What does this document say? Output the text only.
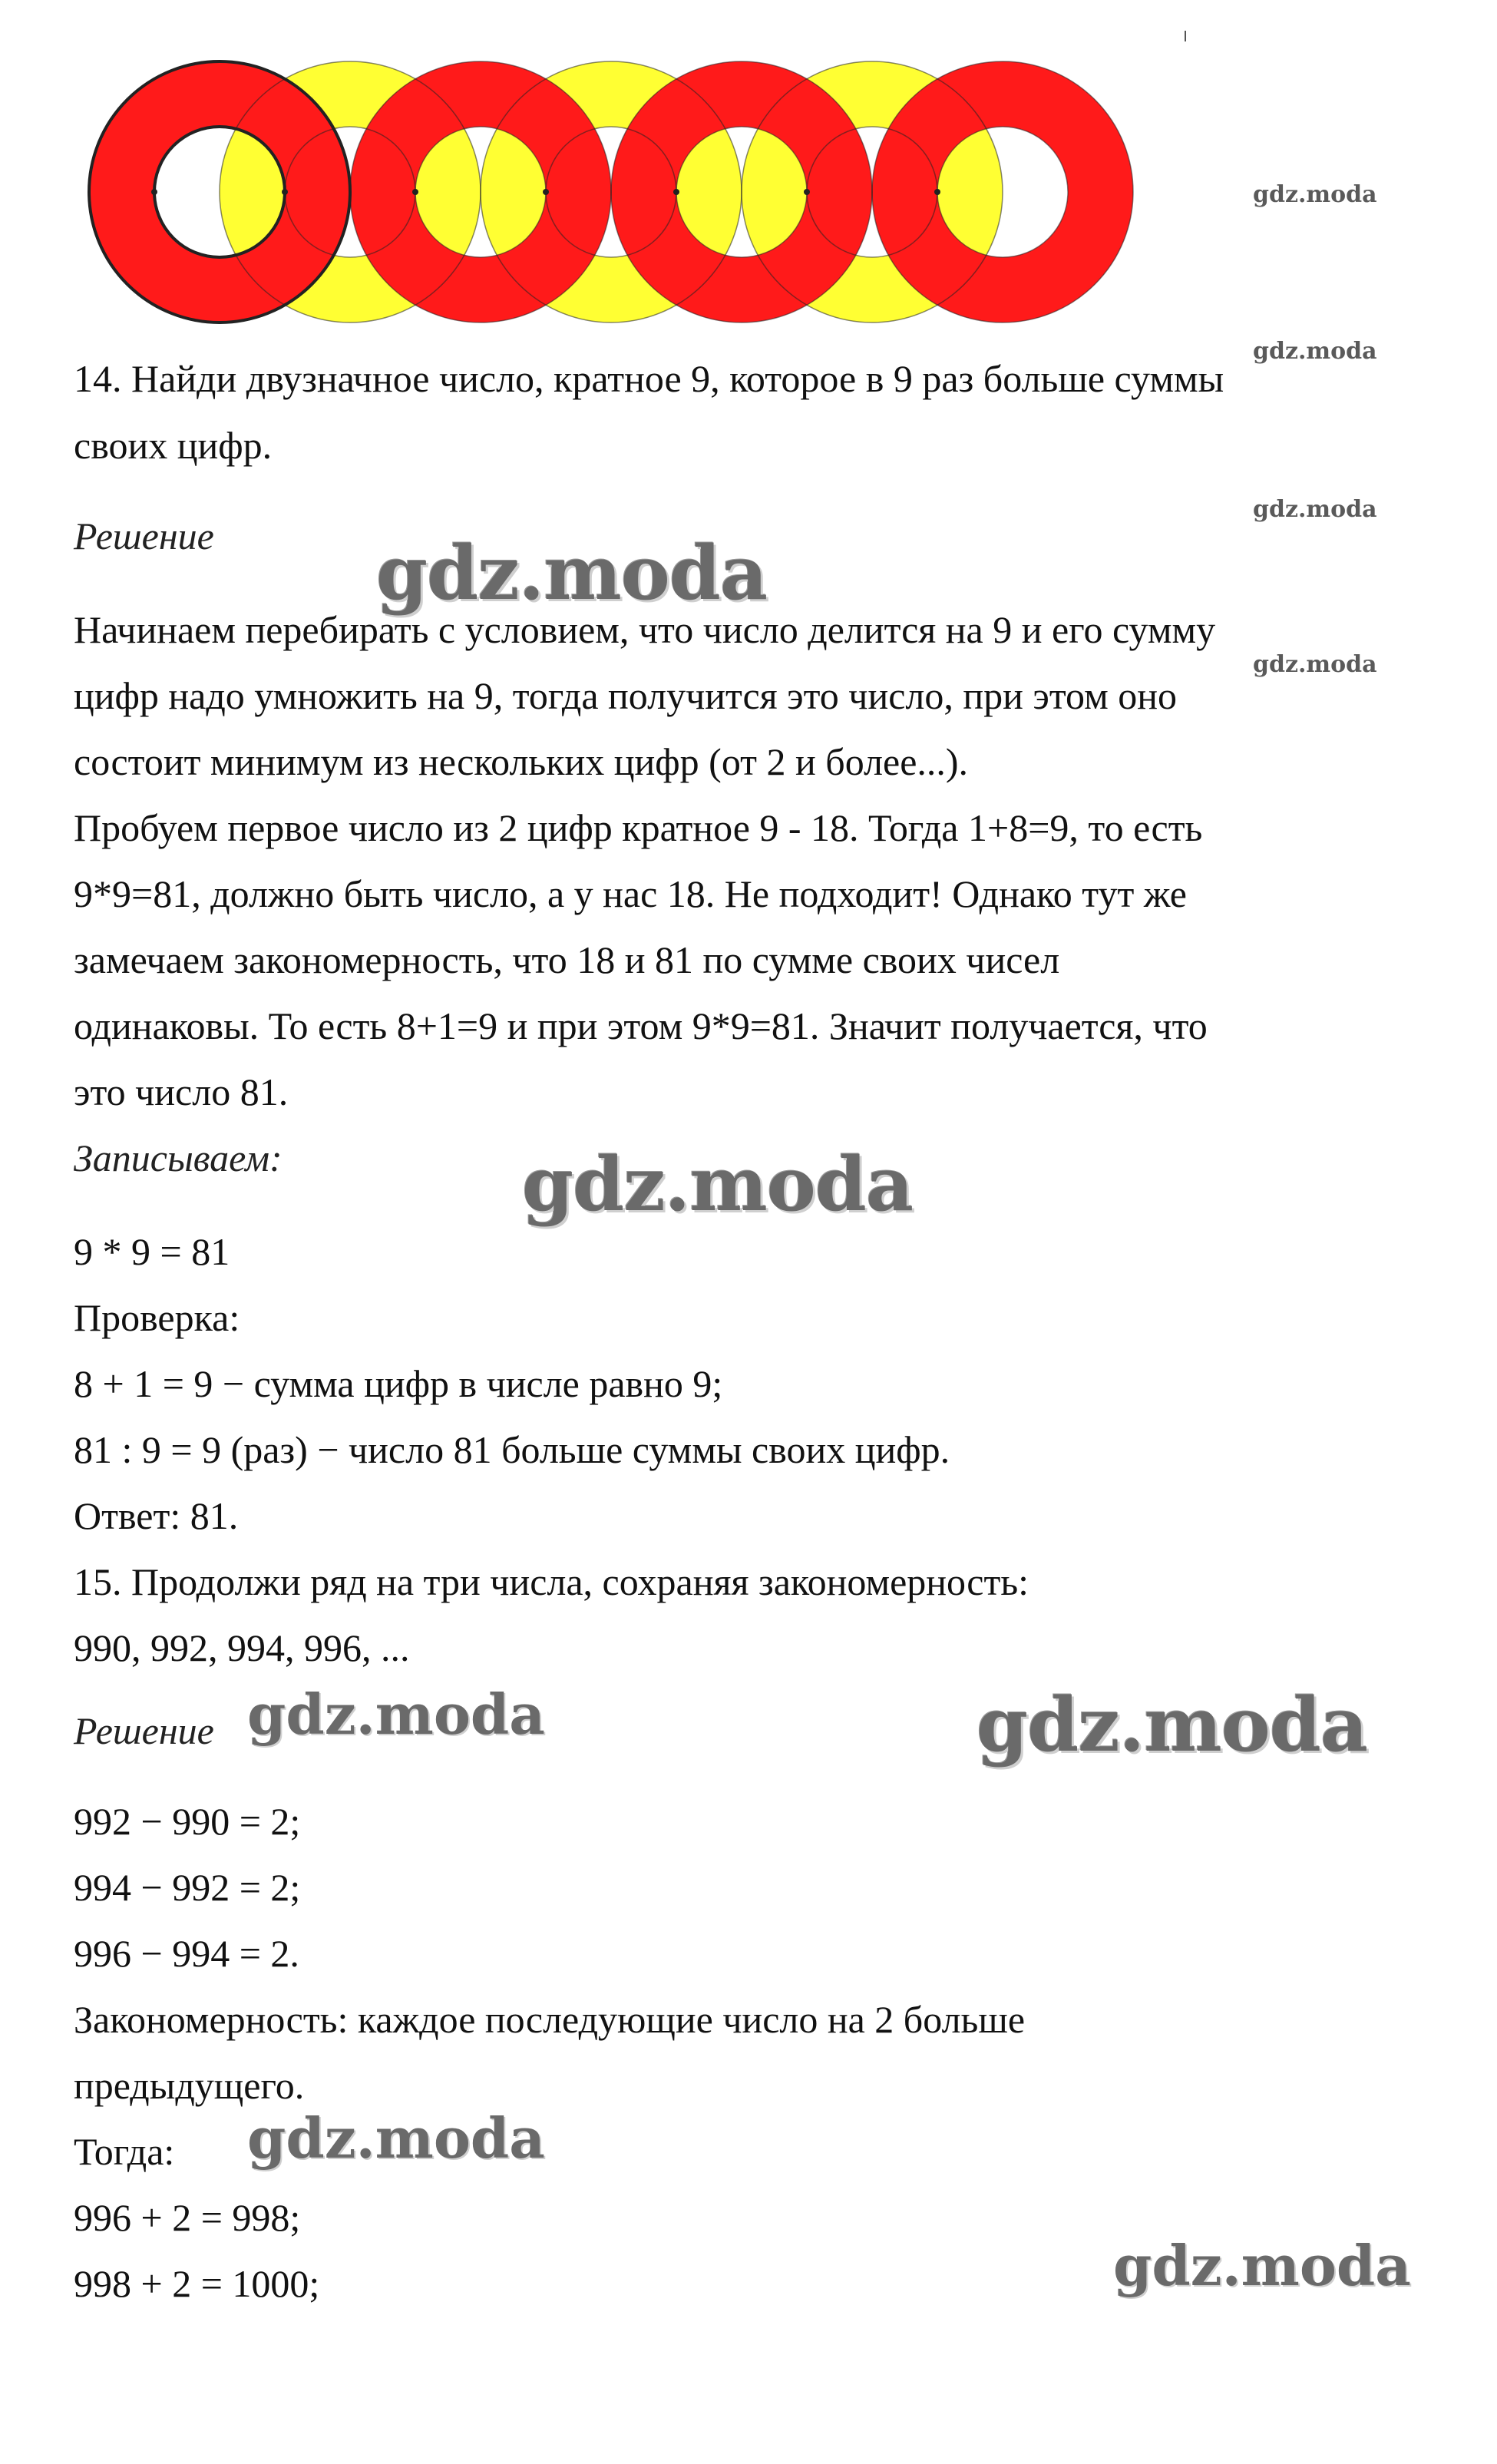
14. Найди двузначное число, кратное 9, которое в 9 раз больше суммы
своих цифр.
Решение
Начинаем перебирать с условием, что число делится на 9 и его сумму
цифр надо умножить на 9, тогда получится это число, при этом оно
состоит минимум из нескольких цифр (от 2 и более...).
Пробуем первое число из 2 цифр кратное 9 - 18. Тогда 1+8=9, то есть
9*9=81, должно быть число, а у нас 18. Не подходит! Однако тут же
замечаем закономерность, что 18 и 81 по сумме своих чисел
одинаковы. То есть 8+1=9 и при этом 9*9=81. Значит получается, что
это число 81.
Записываем:
9 * 9 = 81
Проверка:
8 + 1 = 9 − сумма цифр в числе равно 9;
81 : 9 = 9 (раз) − число 81 больше суммы своих цифр.
Ответ: 81.
15. Продолжи ряд на три числа, сохраняя закономерность:
990, 992, 994, 996, ...
Решение
992 − 990 = 2;
994 − 992 = 2;
996 − 994 = 2.
Закономерность: каждое последующие число на 2 больше
предыдущего.
Тогда:
996 + 2 = 998;
998 + 2 = 1000;
gdz.moda
gdz.moda
gdz.moda
gdz.moda
gdz.moda
gdz.moda
gdz.moda	gdz.moda
gdz.moda
gdz.moda
